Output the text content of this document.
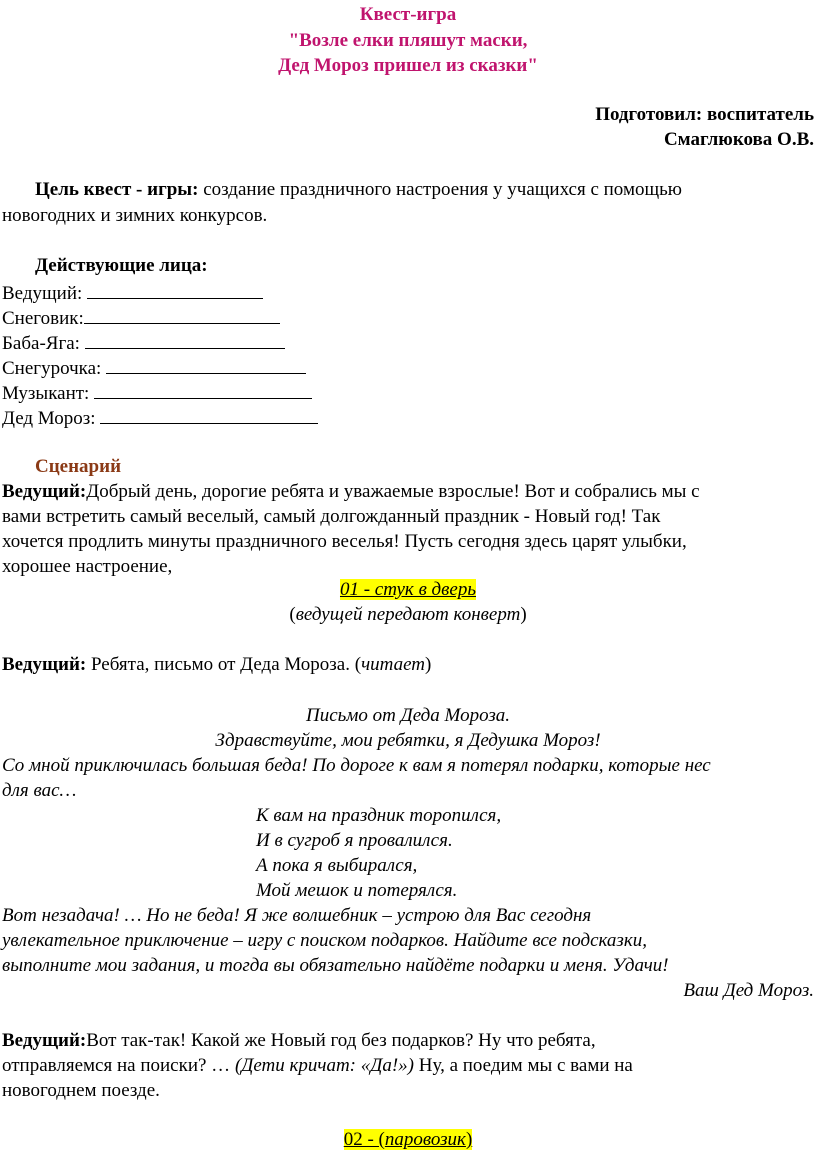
Квест-игра
"Возле елки пляшут маски,
Дед Мороз пришел из сказки"
Подготовил: воспитатель
Смаглюкова О.В.
Цель квест - игры: создание праздничного настроения у учащихся с помощью
новогодних и зимних конкурсов.
Действующие лица:
Ведущий:
Снеговик:
Баба-Яга:
Снегурочка:
Музыкант:
Дед Мороз:
Сценарий
Ведущий:Добрый день, дорогие ребята и уважаемые взрослые! Вот и собрались мы с
вами встретить самый веселый, самый долгожданный праздник - Новый год! Так
хочется продлить минуты праздничного веселья! Пусть сегодня здесь царят улыбки,
хорошее настроение,
01 - стук в дверь
(ведущей передают конверт)
Ведущий: Ребята, письмо от Деда Мороза. (читает)
Письмо от Деда Мороза.
Здравствуйте, мои ребятки, я Дедушка Мороз!
Со мной приключилась большая беда! По дороге к вам я потерял подарки, которые нес
для вас…
К вам на праздник торопился,
И в сугроб я провалился.
А пока я выбирался,
Мой мешок и потерялся.
Вот незадача! … Но не беда! Я же волшебник – устрою для Вас сегодня
увлекательное приключение – игру с поиском подарков. Найдите все подсказки,
выполните мои задания, и тогда вы обязательно найдёте подарки и меня. Удачи!
Ваш Дед Мороз.
Ведущий:Вот так-так! Какой же Новый год без подарков? Ну что ребята,
отправляемся на поиски? … (Дети кричат: «Да!») Ну, а поедим мы с вами на
новогоднем поезде.
02 - (паровозик)
